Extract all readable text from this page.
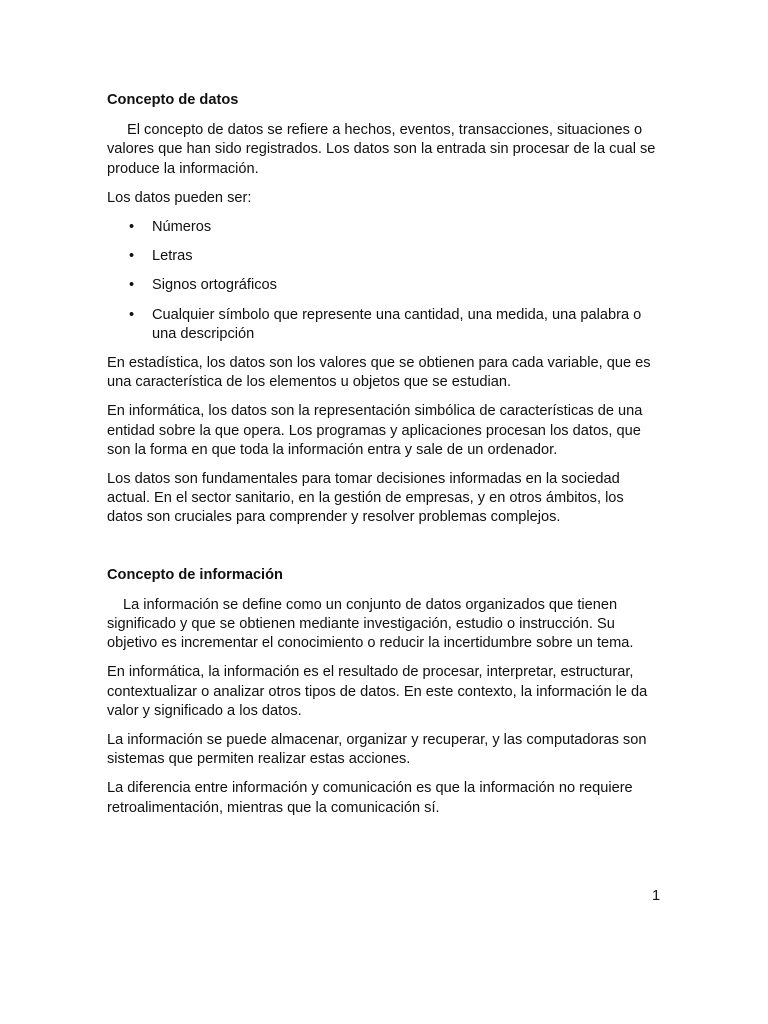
Concepto de datos

El concepto de datos se refiere a hechos, eventos, transacciones, situaciones o valores que han sido registrados. Los datos son la entrada sin procesar de la cual se produce la información.

Los datos pueden ser:

• Números
• Letras
• Signos ortográficos
• Cualquier símbolo que represente una cantidad, una medida, una palabra o una descripción

En estadística, los datos son los valores que se obtienen para cada variable, que es una característica de los elementos u objetos que se estudian.

En informática, los datos son la representación simbólica de características de una entidad sobre la que opera. Los programas y aplicaciones procesan los datos, que son la forma en que toda la información entra y sale de un ordenador.

Los datos son fundamentales para tomar decisiones informadas en la sociedad actual. En el sector sanitario, en la gestión de empresas, y en otros ámbitos, los datos son cruciales para comprender y resolver problemas complejos.

Concepto de información

La información se define como un conjunto de datos organizados que tienen significado y que se obtienen mediante investigación, estudio o instrucción. Su objetivo es incrementar el conocimiento o reducir la incertidumbre sobre un tema.

En informática, la información es el resultado de procesar, interpretar, estructurar, contextualizar o analizar otros tipos de datos. En este contexto, la información le da valor y significado a los datos.

La información se puede almacenar, organizar y recuperar, y las computadoras son sistemas que permiten realizar estas acciones.

La diferencia entre información y comunicación es que la información no requiere retroalimentación, mientras que la comunicación sí.

1
